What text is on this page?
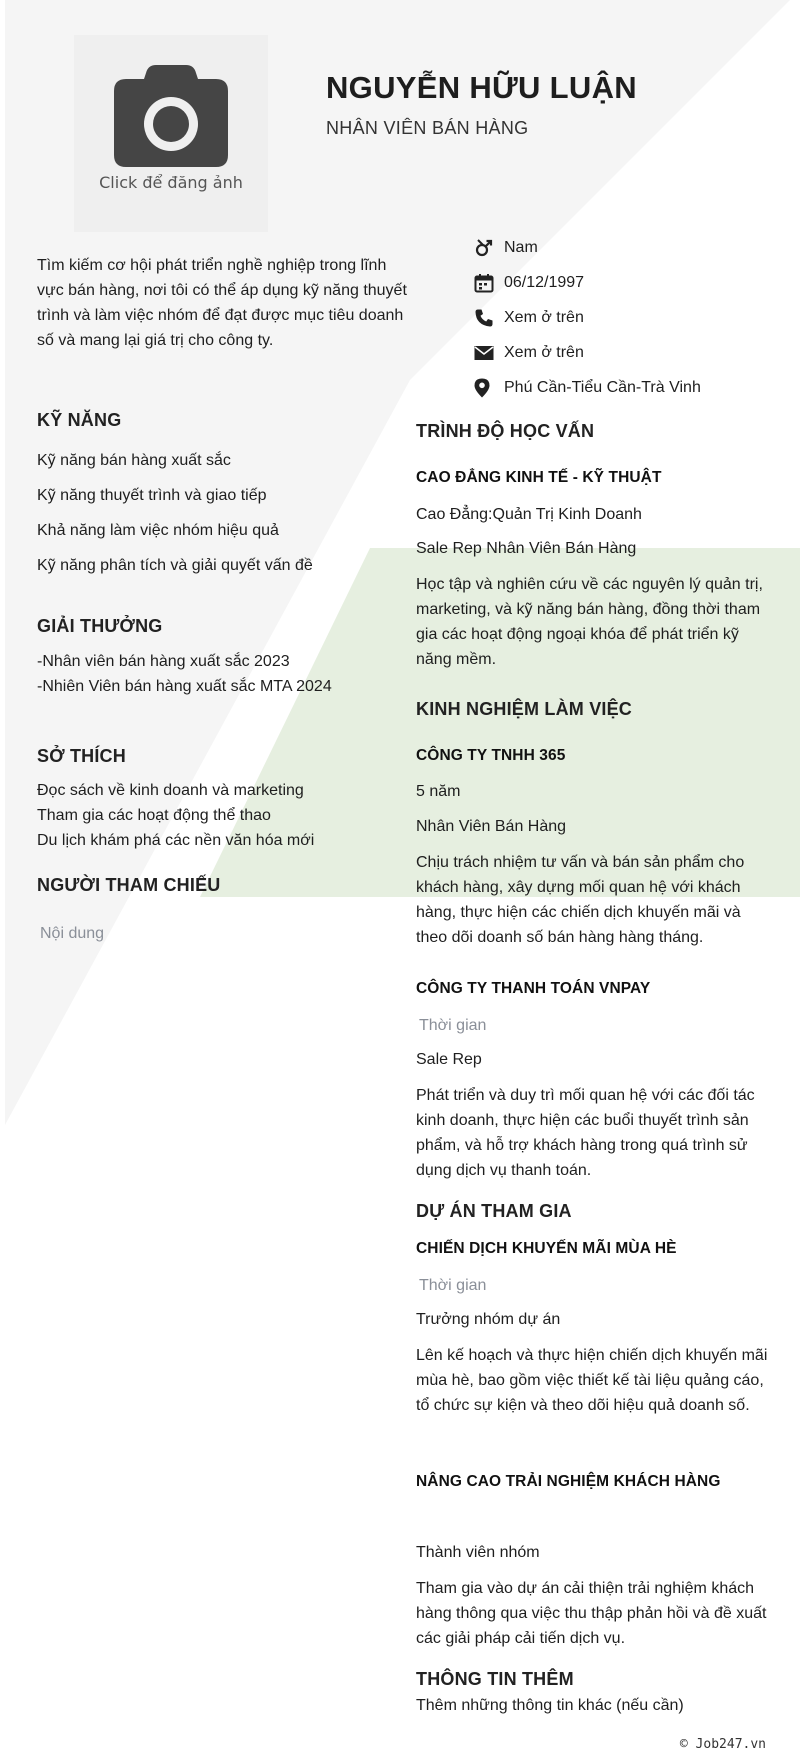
Click để đăng ảnh
NGUYỄN HỮU LUẬN
NHÂN VIÊN BÁN HÀNG
Tìm kiếm cơ hội phát triển nghề nghiệp trong lĩnh vực bán hàng, nơi tôi có thể áp dụng kỹ năng thuyết trình và làm việc nhóm để đạt được mục tiêu doanh số và mang lại giá trị cho công ty.
Nam
06/12/1997
Xem ở trên
Xem ở trên
Phú Cần-Tiểu Cần-Trà Vinh
KỸ NĂNG
Kỹ năng bán hàng xuất sắc
Kỹ năng thuyết trình và giao tiếp
Khả năng làm việc nhóm hiệu quả
Kỹ năng phân tích và giải quyết vấn đề
GIẢI THƯỞNG
-Nhân viên bán hàng xuất sắc 2023
-Nhiên Viên bán hàng xuất sắc MTA 2024
SỞ THÍCH
Đọc sách về kinh doanh và marketing
Tham gia các hoạt động thể thao
Du lịch khám phá các nền văn hóa mới
NGƯỜI THAM CHIẾU
Nội dung
TRÌNH ĐỘ HỌC VẤN
CAO ĐẲNG KINH TẾ - KỸ THUẬT
Cao Đẳng:Quản Trị Kinh Doanh
Sale Rep Nhân Viên Bán Hàng
Học tập và nghiên cứu về các nguyên lý quản trị, marketing, và kỹ năng bán hàng, đồng thời tham gia các hoạt động ngoại khóa để phát triển kỹ năng mềm.
KINH NGHIỆM LÀM VIỆC
CÔNG TY TNHH 365
5 năm
Nhân Viên Bán Hàng
Chịu trách nhiệm tư vấn và bán sản phẩm cho khách hàng, xây dựng mối quan hệ với khách hàng, thực hiện các chiến dịch khuyến mãi và theo dõi doanh số bán hàng hàng tháng.
CÔNG TY THANH TOÁN VNPAY
Thời gian
Sale Rep
Phát triển và duy trì mối quan hệ với các đối tác kinh doanh, thực hiện các buổi thuyết trình sản phẩm, và hỗ trợ khách hàng trong quá trình sử dụng dịch vụ thanh toán.
DỰ ÁN THAM GIA
CHIẾN DỊCH KHUYẾN MÃI MÙA HÈ
Thời gian
Trưởng nhóm dự án
Lên kế hoạch và thực hiện chiến dịch khuyến mãi mùa hè, bao gồm việc thiết kế tài liệu quảng cáo, tổ chức sự kiện và theo dõi hiệu quả doanh số.
NÂNG CAO TRẢI NGHIỆM KHÁCH HÀNG
Thành viên nhóm
Tham gia vào dự án cải thiện trải nghiệm khách hàng thông qua việc thu thập phản hồi và đề xuất các giải pháp cải tiến dịch vụ.
THÔNG TIN THÊM
Thêm những thông tin khác (nếu cần)
© Job247.vn
